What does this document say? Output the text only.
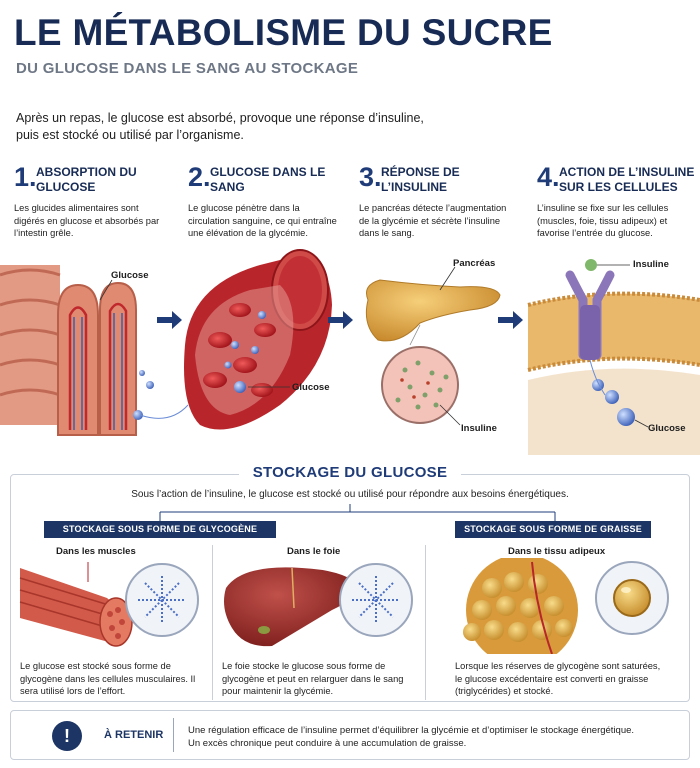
LE MÉTABOLISME DU SUCRE
DU GLUCOSE DANS LE SANG AU STOCKAGE
Après un repas, le glucose est absorbé, provoque une réponse d’insuline, puis est stocké ou utilisé par l’organisme.
1. ABSORPTION DU GLUCOSE
Les glucides alimentaires sont digérés en glucose et absorbés par l’intestin grêle.
2. GLUCOSE DANS LE SANG
Le glucose pénètre dans la circulation sanguine, ce qui entraîne une élévation de la glycémie.
3. RÉPONSE DE L’INSULINE
Le pancréas détecte l’augmentation de la glycémie et sécrète l’insuline dans le sang.
4. ACTION DE L’INSULINE SUR LES CELLULES
L’insuline se fixe sur les cellules (muscles, foie, tissu adipeux) et favorise l’entrée du glucose.
Glucose
Glucose
Pancréas
Insuline
Insuline
Glucose
STOCKAGE DU GLUCOSE
Sous l’action de l’insuline, le glucose est stocké ou utilisé pour répondre aux besoins énergétiques.
STOCKAGE SOUS FORME DE GLYCOGÈNE	STOCKAGE SOUS FORME DE GRAISSE
Dans les muscles	Dans le foie	Dans le tissu adipeux
Le glucose est stocké sous forme de glycogène dans les cellules musculaires. Il sera utilisé lors de l’effort.
Le foie stocke le glucose sous forme de glycogène et peut en relarguer dans le sang pour maintenir la glycémie.
Lorsque les réserves de glycogène sont saturées, le glucose excédentaire est converti en graisse (triglycérides) et stocké.
!	À RETENIR	Une régulation efficace de l’insuline permet d’équilibrer la glycémie et d’optimiser le stockage énergétique. Un excès chronique peut conduire à une accumulation de graisse.
